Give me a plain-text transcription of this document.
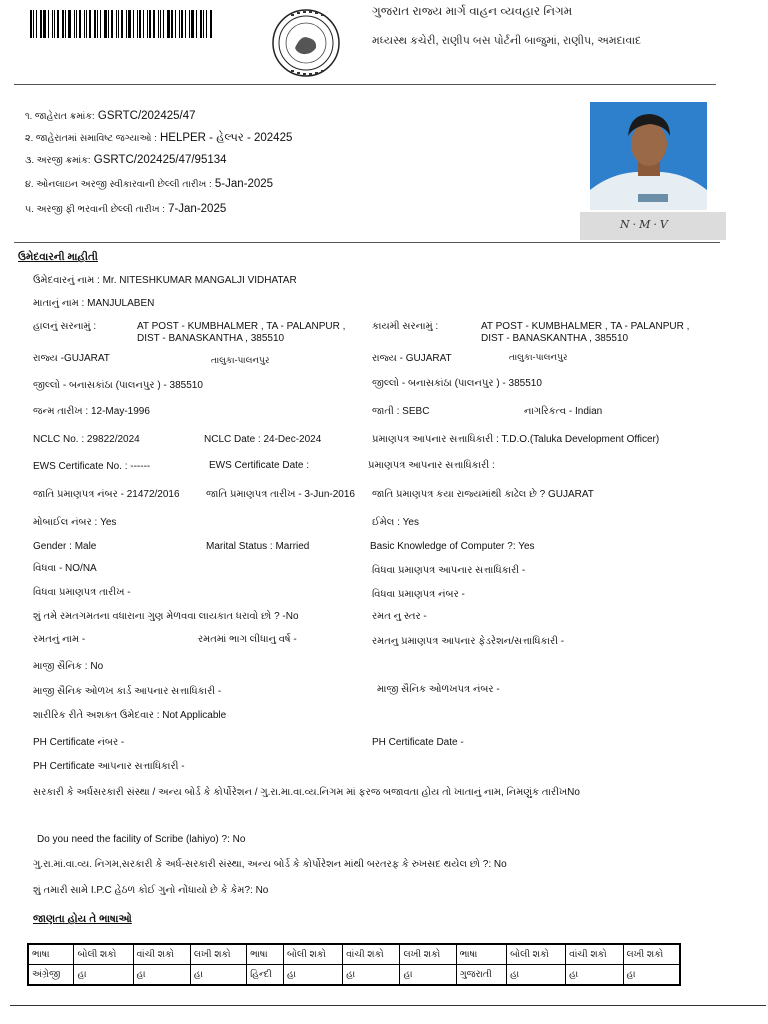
ગુજરાત રાજ્ય માર્ગ વાહન વ્યવહાર નિગમ
મધ્યસ્થ કચેરી, રાણીપ બસ પોર્ટની બાજુમાં, રાણીપ, અમદાવાદ
૧. જાહેરાત ક્રમાંક: GSRTC/202425/47
૨. જાહેરાતમાં સમાવિષ્ટ જગ્યાઓ : HELPER - હેલ્પર - 202425
૩. અરજી ક્રમાંક: GSRTC/202425/47/95134
૪. ઓનલાઇન અરજી સ્વીકારવાની છેલ્લી તારીખ : 5-Jan-2025
૫. અરજી ફી ભરવાની છેલ્લી તારીખ : 7-Jan-2025
N·M·V
ઉમેદવારની માહીતી
ઉમેદવારનું નામ : Mr. NITESHKUMAR MANGALJI VIDHATAR
માતાનું નામ : MANJULABEN
હાલનું સરનામું :	AT POST - KUMBHALMER , TA - PALANPUR ,
DIST - BANASKANTHA , 385510
કાયમી સરનામું :	AT POST - KUMBHALMER , TA - PALANPUR ,
DIST - BANASKANTHA , 385510
રાજ્ય -GUJARAT	તાલુકા-પાલનપુર	રાજ્ય - GUJARAT	તાલુકા-પાલનપુર
જીલ્લો - બનાસકાંઠા (પાલનપુર ) - 385510	જીલ્લો - બનાસકાંઠા (પાલનપુર ) - 385510
જન્મ તારીખ : 12-May-1996	જાતી : SEBC	નાગરિકત્વ - Indian
NCLC No. : 29822/2024	NCLC Date : 24-Dec-2024	પ્રમાણપત્ર આપનાર સત્તાધિકારી : T.D.O.(Taluka Development Officer)
EWS Certificate No. : ------	EWS Certificate Date :	પ્રમાણપત્ર આપનાર સત્તાધિકારી :
જાતિ પ્રમાણપત્ર નંબર - 21472/2016	જાતિ પ્રમાણપત્ર તારીખ - 3-Jun-2016 જાતિ પ્રમાણપત્ર કયા રાજ્યમાંથી કાઢેલ છે ? GUJARAT
મોબાઈલ નંબર : Yes	ઈમેલ : Yes
Gender : Male	Marital Status : Married	Basic Knowledge of Computer ?: Yes
વિધવા - NO/NA	વિધવા પ્રમાણપત્ર આપનાર સત્તાધિકારી -
વિધવા પ્રમાણપત્ર તારીખ -	વિધવા પ્રમાણપત્ર નંબર -
શું તમે રમતગમતના વધારાના ગુણ મેળવવા લાયકાત ધરાવો છો ? -No	રમત નુ સ્તર -
રમતનું નામ -	રમતમાં ભાગ લીધાનુ વર્ષ -	રમતનુ પ્રમાણપત્ર આપનાર ફેડરેશન/સત્તાધિકારી -
માજી સૈનિક : No
માજી સૈનિક ઓળખ કાર્ડ આપનાર સત્તાધિકારી -	માજી સૈનિક ઓળખપત્ર નંબર -
શારીરિક રીતે અશક્ત ઉમેદવાર : Not Applicable
PH Certificate નંબર -	PH Certificate Date -
PH Certificate આપનાર સત્તાધિકારી -
સરકારી કે અર્ધસરકારી સંસ્થા / અન્ય બોર્ડ કે કોર્પોરેશન / ગુ.રા.મા.વા.વ્ય.નિગમ માં ફરજ બજાવતા હોય તો ખાતાનું નામ, નિમણુંક તારીખNo
Do you need the facility of Scribe (lahiyo) ?: No
ગુ.રા.માં.વા.વ્ય. નિગમ,સરકારી કે અર્ધ-સરકારી સંસ્થા, અન્ય બોર્ડ કે કોર્પોરેશન માંથી બરતરફ કે રુખસદ થયેલ છો ?: No
શું તમારી સામે I.P.C હેઠળ કોઈ ગુનો નોંધાયો છે કે કેમ?: No
જાણતા હોય તે ભાષાઓ
ભાષા	બોલી શકો	વાંચી શકો	લખી શકો	ભાષા	બોલી શકો	વાંચી શકો	લખી શકો	ભાષા	બોલી શકો	વાંચી શકો	લખી શકો
અંગ્રેજી	હા	હા	હા	હિન્દી	હા	હા	હા	ગુજરાતી	હા	હા	હા
